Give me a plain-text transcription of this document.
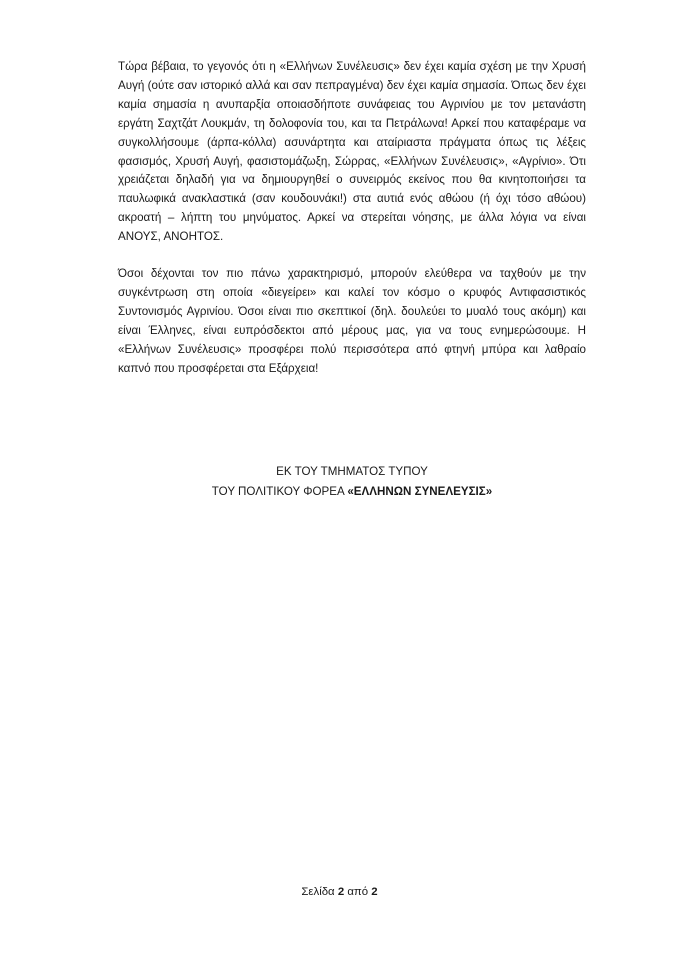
Τώρα βέβαια, το γεγονός ότι η «Ελλήνων Συνέλευσις» δεν έχει καμία σχέση με την Χρυσή Αυγή (ούτε σαν ιστορικό αλλά και σαν πεπραγμένα) δεν έχει καμία σημασία. Όπως δεν έχει καμία σημασία η ανυπαρξία οποιασδήποτε συνάφειας του Αγρινίου με τον μετανάστη εργάτη Σαχτζάτ Λουκμάν, τη δολοφονία του, και τα Πετράλωνα! Αρκεί που καταφέραμε να συγκολλήσουμε (άρπα-κόλλα) ασυνάρτητα και αταίριαστα πράγματα όπως τις λέξεις φασισμός, Χρυσή Αυγή, φασιστομάζωξη, Σώρρας, «Ελλήνων Συνέλευσις», «Αγρίνιο». Ότι χρειάζεται δηλαδή για να δημιουργηθεί ο συνειρμός εκείνος που θα κινητοποιήσει τα παυλωφικά ανακλαστικά (σαν κουδουνάκι!) στα αυτιά ενός αθώου (ή όχι τόσο αθώου) ακροατή – λήπτη του μηνύματος. Αρκεί να στερείται νόησης, με άλλα λόγια να είναι ΑΝΟΥΣ, ΑΝΟΗΤΟΣ.

Όσοι δέχονται τον πιο πάνω χαρακτηρισμό, μπορούν ελεύθερα να ταχθούν με την συγκέντρωση στη οποία «διεγείρει» και καλεί τον κόσμο ο κρυφός Αντιφασιστικός Συντονισμός Αγρινίου. Όσοι είναι πιο σκεπτικοί (δηλ. δουλεύει το μυαλό τους ακόμη) και είναι Έλληνες, είναι ευπρόσδεκτοι από μέρους μας, για να τους ενημερώσουμε. Η «Ελλήνων Συνέλευσις» προσφέρει πολύ περισσότερα από φτηνή μπύρα και λαθραίο καπνό που προσφέρεται στα Εξάρχεια!

ΕΚ ΤΟΥ ΤΜΗΜΑΤΟΣ ΤΥΠΟΥ
ΤΟΥ ΠΟΛΙΤΙΚΟΥ ΦΟΡΕΑ «ΕΛΛΗΝΩΝ ΣΥΝΕΛΕΥΣΙΣ»
Σελίδα 2 από 2
